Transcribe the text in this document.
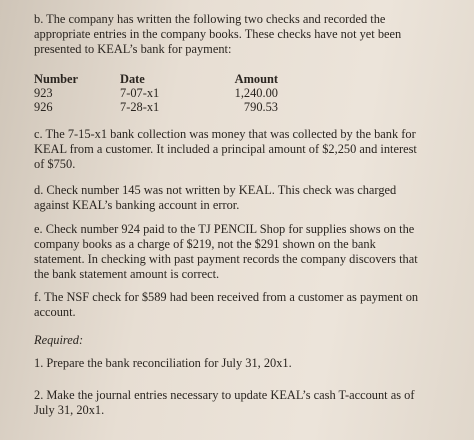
b. The company has written the following two checks and recorded the appropriate entries in the company books. These checks have not yet been presented to KEAL’s bank for payment:

Number	Date	Amount
923	7-07-x1	1,240.00
926	7-28-x1	790.53

c. The 7-15-x1 bank collection was money that was collected by the bank for KEAL from a customer. It included a principal amount of $2,250 and interest of $750.

d. Check number 145 was not written by KEAL. This check was charged against KEAL’s banking account in error.

e. Check number 924 paid to the TJ PENCIL Shop for supplies shows on the company books as a charge of $219, not the $291 shown on the bank statement. In checking with past payment records the company discovers that the bank statement amount is correct.

f. The NSF check for $589 had been received from a customer as payment on account.

Required:

1. Prepare the bank reconciliation for July 31, 20x1.

2. Make the journal entries necessary to update KEAL’s cash T-account as of July 31, 20x1.
